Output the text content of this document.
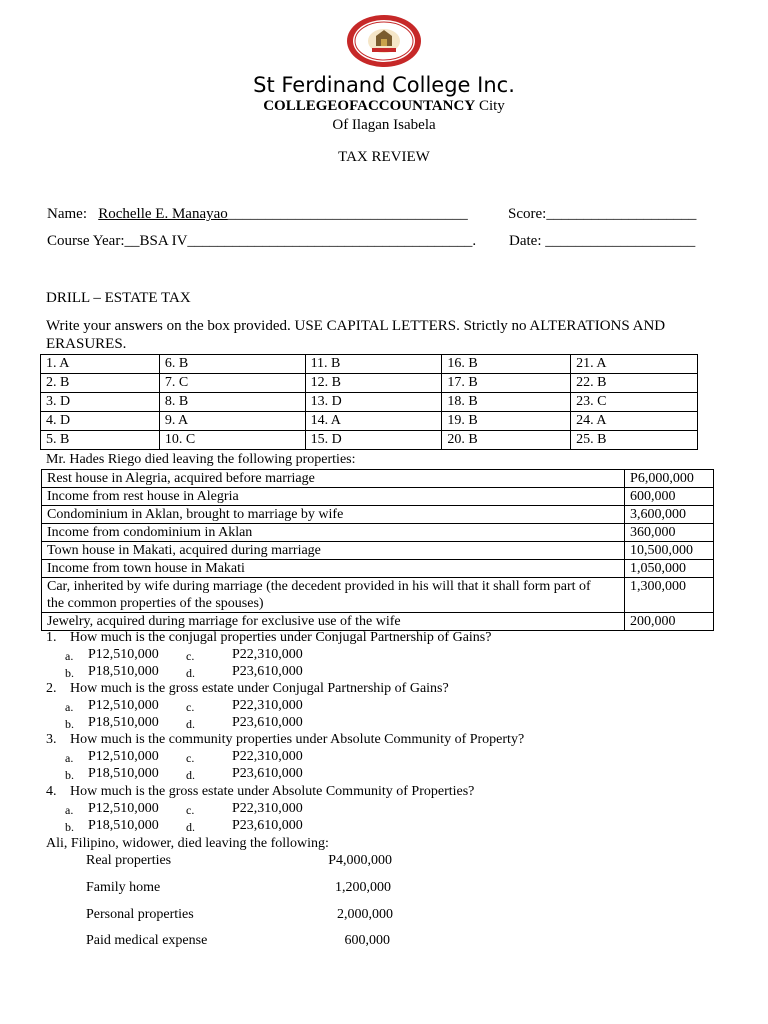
St Ferdinand College Inc.
COLLEGEOFACCOUNTANCY City
Of Ilagan Isabela
TAX REVIEW
Name: Rochelle E. Manayao________________________________	Score:____________________
Course Year:__BSA IV______________________________________. Date: ____________________
DRILL – ESTATE TAX
Write your answers on the box provided. USE CAPITAL LETTERS. Strictly no ALTERATIONS AND
ERASURES.
1. A	6. B	11. B	16. B	21. A
2. B	7. C	12. B	17. B	22. B
3. D	8. B	13. D	18. B	23. C
4. D	9. A	14. A	19. B	24. A
5. B	10. C	15. D	20. B	25. B
Mr. Hades Riego died leaving the following properties:
Rest house in Alegria, acquired before marriage	P6,000,000
Income from rest house in Alegria	600,000
Condominium in Aklan, brought to marriage by wife	3,600,000
Income from condominium in Aklan	360,000
Town house in Makati, acquired during marriage	10,500,000
Income from town house in Makati	1,050,000
Car, inherited by wife during marriage (the decedent provided in his will that it shall form part of
the common properties of the spouses)	1,300,000
Jewelry, acquired during marriage for exclusive use of the wife	200,000
1. How much is the conjugal properties under Conjugal Partnership of Gains?
a. P12,510,000 c.	P22,310,000
b. P18,510,000 d.	P23,610,000
2. How much is the gross estate under Conjugal Partnership of Gains?
a. P12,510,000 c.	P22,310,000
b. P18,510,000 d.	P23,610,000
3. How much is the community properties under Absolute Community of Property?
a. P12,510,000 c.	P22,310,000
b. P18,510,000 d.	P23,610,000
4. How much is the gross estate under Absolute Community of Properties?
a. P12,510,000 c.	P22,310,000
b. P18,510,000 d.	P23,610,000
Ali, Filipino, widower, died leaving the following:
Real properties	P4,000,000
Family home	1,200,000
Personal properties	2,000,000
Paid medical expense	600,000
